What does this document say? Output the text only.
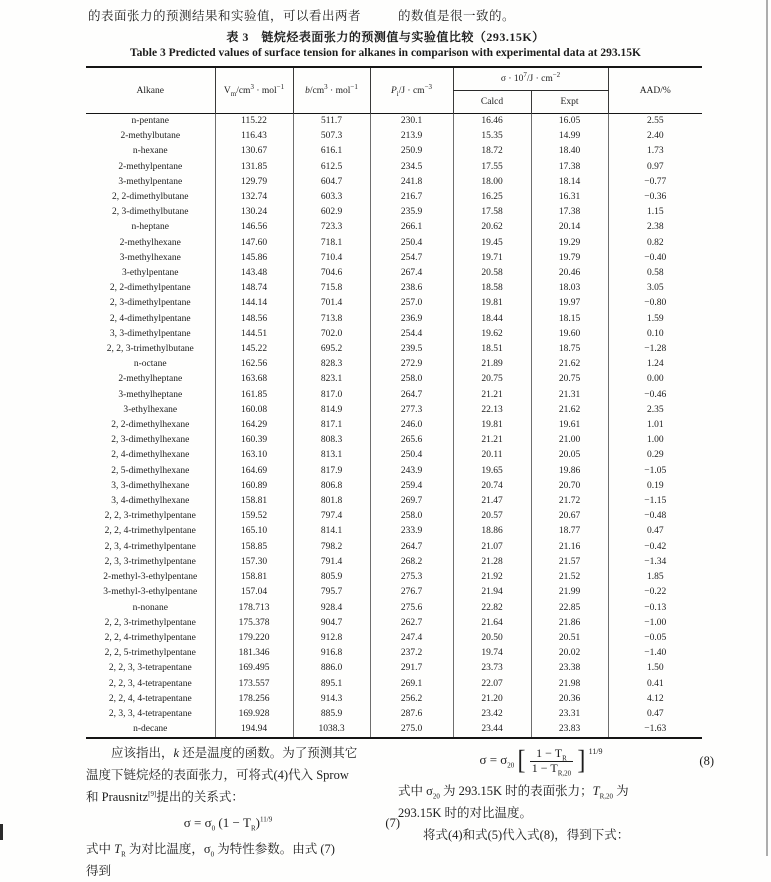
的表面张力的预测结果和实验值，可以看出两者	的数值是很一致的。
表 3　链烷烃表面张力的预测值与实验值比较（293.15K）
Table 3 Predicted values of surface tension for alkanes in comparison with experimental data at 293.15K
Alkane	$V_m/cm^3 \cdot mol^{-1}$	$b/cm^3 \cdot mol^{-1}$	$P_i/J \cdot cm^{-3}$	$\sigma \cdot 10^7/J \cdot cm^{-2}$		AAD/%
				Calcd	Expt	
n-pentane	115.22	511.7	230.1	16.46	16.05	2.55
2-methylbutane	116.43	507.3	213.9	15.35	14.99	2.40
n-hexane	130.67	616.1	250.9	18.72	18.40	1.73
2-methylpentane	131.85	612.5	234.5	17.55	17.38	0.97
3-methylpentane	129.79	604.7	241.8	18.00	18.14	−0.77
2, 2-dimethylbutane	132.74	603.3	216.7	16.25	16.31	−0.36
2, 3-dimethylbutane	130.24	602.9	235.9	17.58	17.38	1.15
n-heptane	146.56	723.3	266.1	20.62	20.14	2.38
2-methylhexane	147.60	718.1	250.4	19.45	19.29	0.82
3-methylhexane	145.86	710.4	254.7	19.71	19.79	−0.40
3-ethylpentane	143.48	704.6	267.4	20.58	20.46	0.58
2, 2-dimethylpentane	148.74	715.8	238.6	18.58	18.03	3.05
2, 3-dimethylpentane	144.14	701.4	257.0	19.81	19.97	−0.80
2, 4-dimethylpentane	148.56	713.8	236.9	18.44	18.15	1.59
3, 3-dimethylpentane	144.51	702.0	254.4	19.62	19.60	0.10
2, 2, 3-trimethylbutane	145.22	695.2	239.5	18.51	18.75	−1.28
n-octane	162.56	828.3	272.9	21.89	21.62	1.24
2-methylheptane	163.68	823.1	258.0	20.75	20.75	0.00
3-methylheptane	161.85	817.0	264.7	21.21	21.31	−0.46
3-ethylhexane	160.08	814.9	277.3	22.13	21.62	2.35
2, 2-dimethylhexane	164.29	817.1	246.0	19.81	19.61	1.01
2, 3-dimethylhexane	160.39	808.3	265.6	21.21	21.00	1.00
2, 4-dimethylhexane	163.10	813.1	250.4	20.11	20.05	0.29
2, 5-dimethylhexane	164.69	817.9	243.9	19.65	19.86	−1.05
3, 3-dimethylhexane	160.89	806.8	259.4	20.74	20.70	0.19
3, 4-dimethylhexane	158.81	801.8	269.7	21.47	21.72	−1.15
2, 2, 3-trimethylpentane	159.52	797.4	258.0	20.57	20.67	−0.48
2, 2, 4-trimethylpentane	165.10	814.1	233.9	18.86	18.77	0.47
2, 3, 4-trimethylpentane	158.85	798.2	264.7	21.07	21.16	−0.42
2, 3, 3-trimethylpentane	157.30	791.4	268.2	21.28	21.57	−1.34
2-methyl-3-ethylpentane	158.81	805.9	275.3	21.92	21.52	1.85
3-methyl-3-ethylpentane	157.04	795.7	276.7	21.94	21.99	−0.22
n-nonane	178.713	928.4	275.6	22.82	22.85	−0.13
2, 2, 3-trimethylpentane	175.378	904.7	262.7	21.64	21.86	−1.00
2, 2, 4-trimethylpentane	179.220	912.8	247.4	20.50	20.51	−0.05
2, 2, 5-trimethylpentane	181.346	916.8	237.2	19.74	20.02	−1.40
2, 2, 3, 3-tetrapentane	169.495	886.0	291.7	23.73	23.38	1.50
2, 2, 3, 4-tetrapentane	173.557	895.1	269.1	22.07	21.98	0.41
2, 2, 4, 4-tetrapentane	178.256	914.3	256.2	21.20	20.36	4.12
2, 3, 3, 4-tetrapentane	169.928	885.9	287.6	23.42	23.31	0.47
n-decane	194.94	1038.3	275.0	23.44	23.83	−1.63
应该指出，k 还是温度的函数。为了预测其它
温度下链烷烃的表面张力，可将式(4)代入 Sprow
和 Prausnitz[9]提出的关系式：
$\sigma = \sigma_0$ $(1 - T_R)^{11/9}$	(7)
式中 $T_R$ 为对比温度，$\sigma_0$ 为特性参数。由式 (7)
得到
$\sigma = \sigma_{20}$ [ $\frac{1 - T_R}{1 - T_{R,20}}$ ] $^{11/9}$
(8)
式中 $\sigma_{20}$ 为 293.15K 时的表面张力；$T_{R,20}$ 为
293.15K 时的对比温度。
将式(4)和式(5)代入式(8)，得到下式：
